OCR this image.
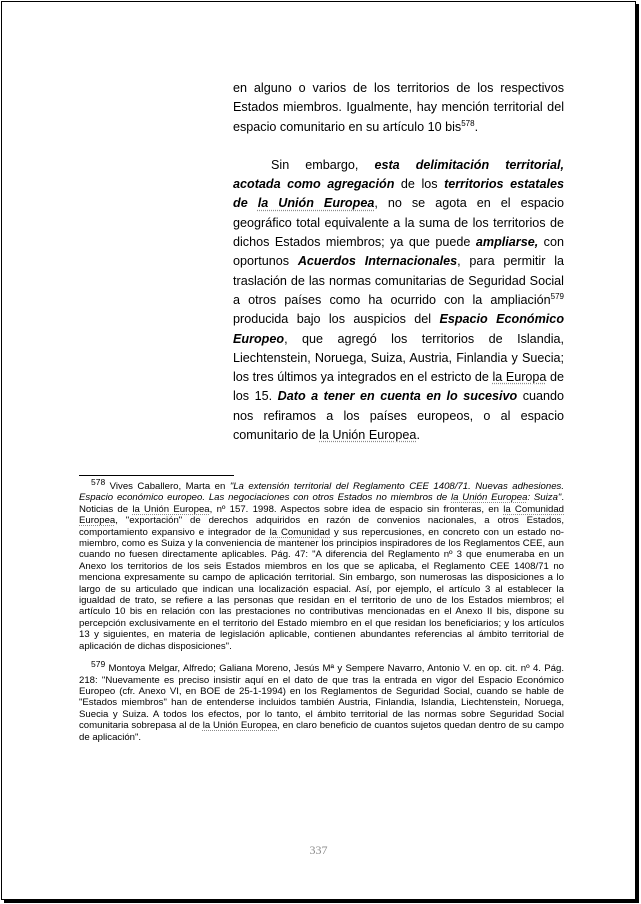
en alguno o varios de los territorios de los respectivos Estados miembros. Igualmente, hay mención territorial del espacio comunitario en su artículo 10 bis$^{578}$.

Sin embargo, esta delimitación territorial, acotada como agregación de los territorios estatales de la Unión Europea, no se agota en el espacio geográfico total equivalente a la suma de los territorios de dichos Estados miembros; ya que puede ampliarse, con oportunos Acuerdos Internacionales, para permitir la traslación de las normas comunitarias de Seguridad Social a otros países como ha ocurrido con la ampliación$^{579}$ producida bajo los auspicios del Espacio Económico Europeo, que agregó los territorios de Islandia, Liechtenstein, Noruega, Suiza, Austria, Finlandia y Suecia; los tres últimos ya integrados en el estricto de la Europa de los 15. Dato a tener en cuenta en lo sucesivo cuando nos refiramos a los países europeos, o al espacio comunitario de la Unión Europea.

$^{578}$ Vives Caballero, Marta en "La extensión territorial del Reglamento CEE 1408/71. Nuevas adhesiones. Espacio económico europeo. Las negociaciones con otros Estados no miembros de la Unión Europea: Suiza". Noticias de la Unión Europea, nº 157. 1998. Aspectos sobre idea de espacio sin fronteras, en la Comunidad Europea, "exportación" de derechos adquiridos en razón de convenios nacionales, a otros Estados, comportamiento expansivo e integrador de la Comunidad y sus repercusiones, en concreto con un estado no-miembro, como es Suiza y la conveniencia de mantener los principios inspiradores de los Reglamentos CEE, aun cuando no fuesen directamente aplicables. Pág. 47: "A diferencia del Reglamento nº 3 que enumeraba en un Anexo los territorios de los seis Estados miembros en los que se aplicaba, el Reglamento CEE 1408/71 no menciona expresamente su campo de aplicación territorial. Sin embargo, son numerosas las disposiciones a lo largo de su articulado que indican una localización espacial. Así, por ejemplo, el artículo 3 al establecer la igualdad de trato, se refiere a las personas que residan en el territorio de uno de los Estados miembros; el artículo 10 bis en relación con las prestaciones no contributivas mencionadas en el Anexo II bis, dispone su percepción exclusivamente en el territorio del Estado miembro en el que residan los beneficiarios; y los artículos 13 y siguientes, en materia de legislación aplicable, contienen abundantes referencias al ámbito territorial de aplicación de dichas disposiciones".

$^{579}$ Montoya Melgar, Alfredo; Galiana Moreno, Jesús Mª y Sempere Navarro, Antonio V. en op. cit. nº 4. Pág. 218: "Nuevamente es preciso insistir aquí en el dato de que tras la entrada en vigor del Espacio Económico Europeo (cfr. Anexo VI, en BOE de 25-1-1994) en los Reglamentos de Seguridad Social, cuando se hable de "Estados miembros" han de entenderse incluidos también Austria, Finlandia, Islandia, Liechtenstein, Noruega, Suecia y Suiza. A todos los efectos, por lo tanto, el ámbito territorial de las normas sobre Seguridad Social comunitaria sobrepasa al de la Unión Europea, en claro beneficio de cuantos sujetos quedan dentro de su campo de aplicación".

337
